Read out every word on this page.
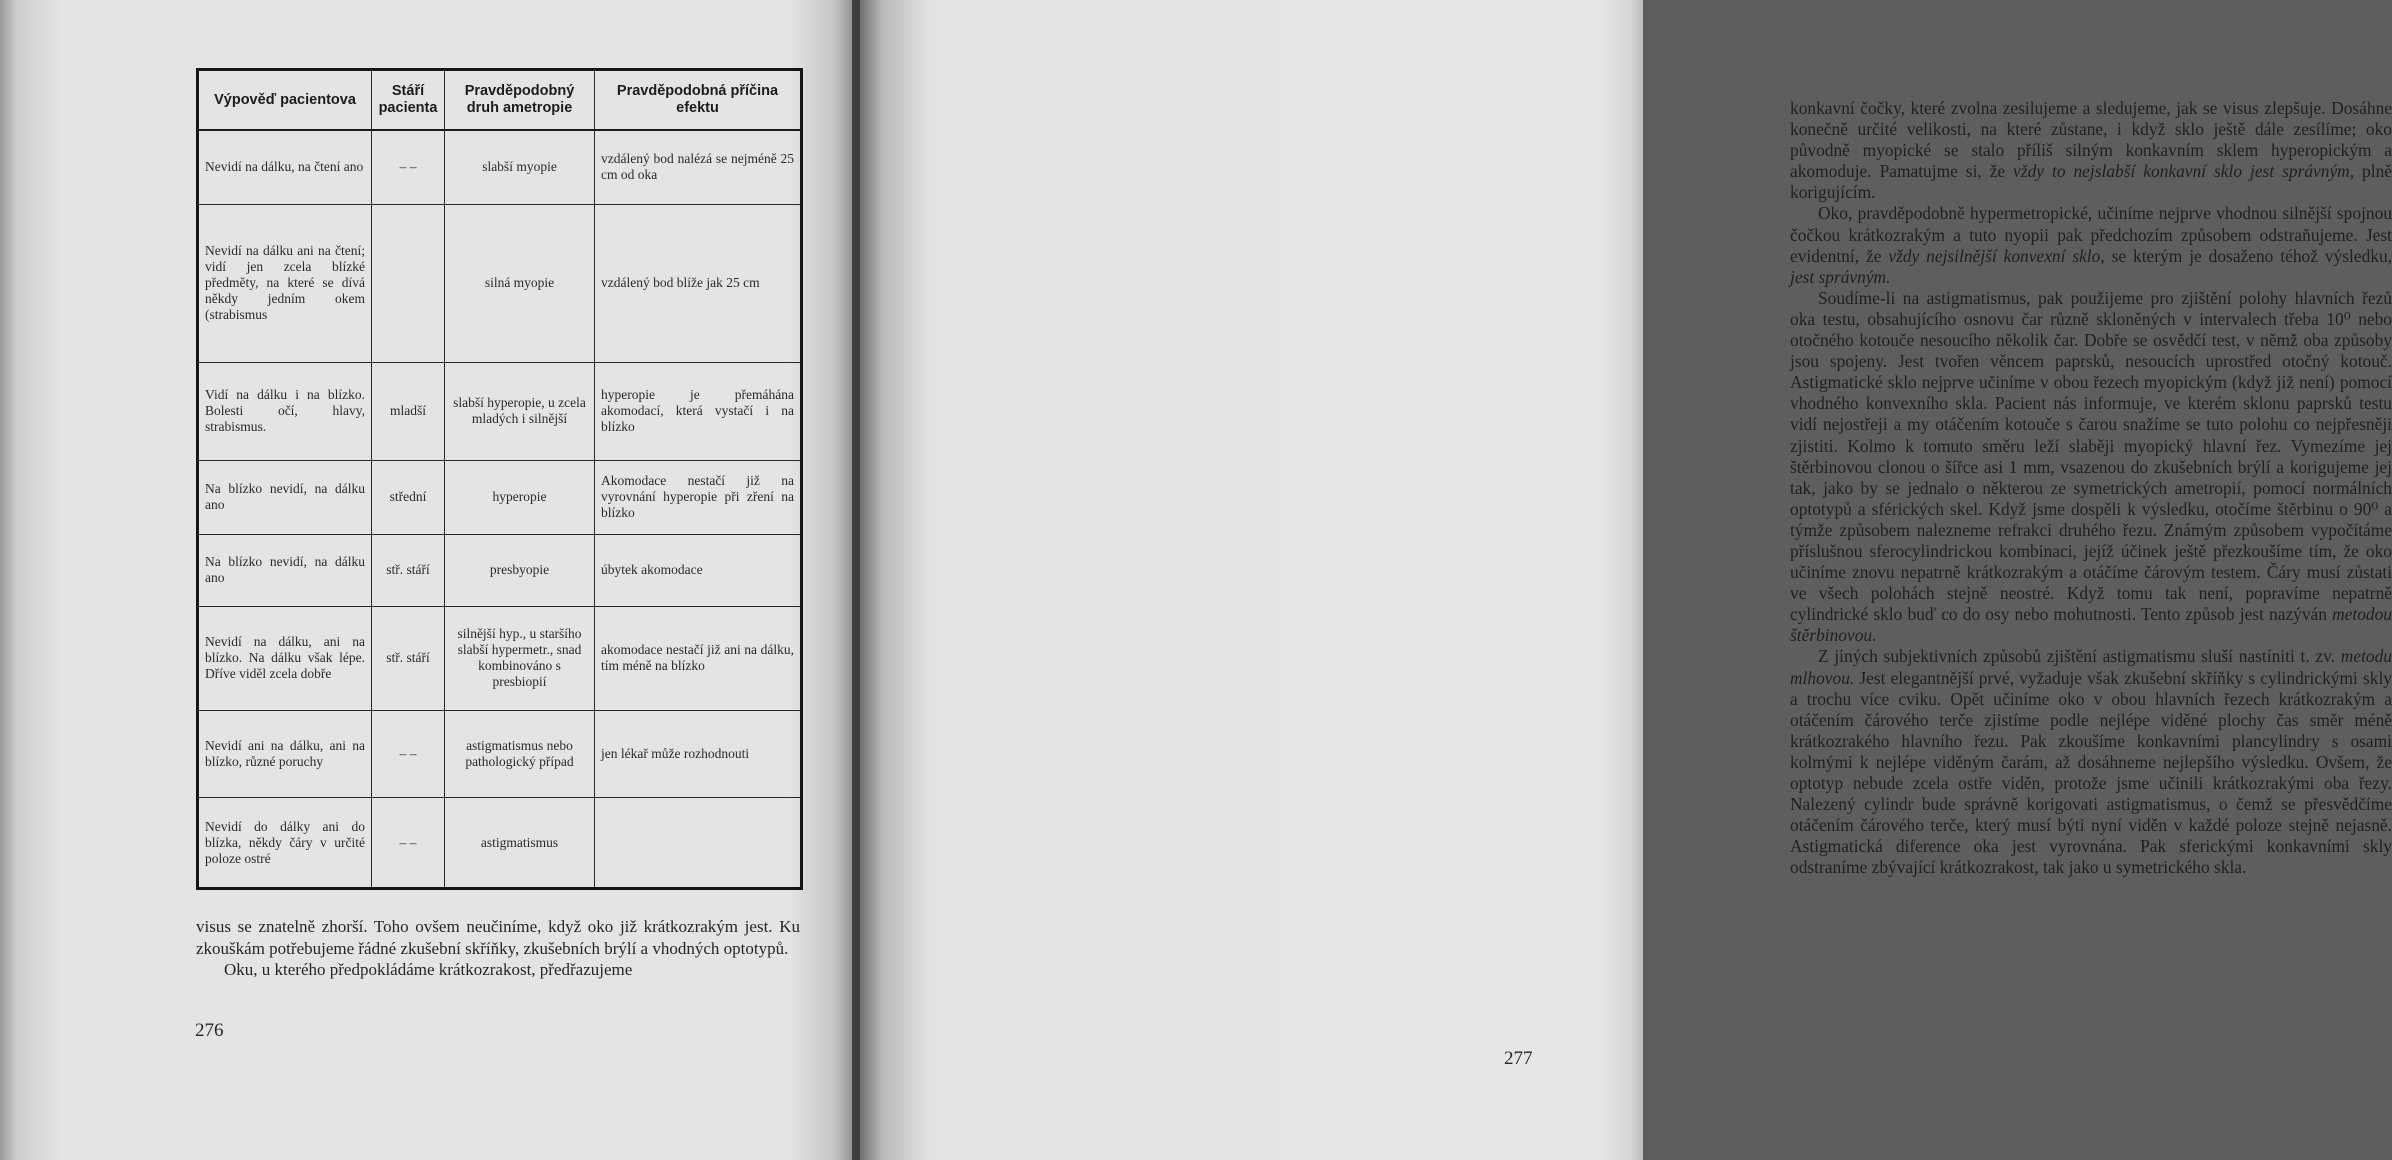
Výpověď pacientova	Stáří pacienta	Pravděpodobný druh ametropie	Pravděpodobná příčina efektu
Nevidí na dálku, na čtení ano	– –	slabší myopie	vzdálený bod nalézá se nejméně 25 cm od oka
Nevidí na dálku ani na čtení; vidí jen zcela blízké předměty, na které se dívá někdy jedním okem (strabismus		silná myopie	vzdálený bod blíže jak 25 cm
Vidí na dálku i na blízko. Bolesti očí, hlavy, strabismus.	mladší	slabší hyperopie, u zcela mladých i silnější	hyperopie je přemáhána akomodací, která vystačí i na blízko
Na blízko nevidí, na dálku ano	střední	hyperopie	Akomodace nestačí již na vyrovnání hyperopie při zření na blízko
Na blízko nevidí, na dálku ano	stř. stáří	presbyopie	úbytek akomodace
Nevidí na dálku, ani na blízko. Na dálku však lépe. Dříve viděl zcela dobře	stř. stáří	silnější hyp., u staršího slabší hypermetr., snad kombinováno s presbiopií	akomodace nestačí již ani na dálku, tím méně na blízko
Nevidí ani na dálku, ani na blízko, různé poruchy	– –	astigmatismus nebo pathologický případ	jen lékař může rozhodnouti
Nevidí do dálky ani do blízka, někdy čáry v určité poloze ostré	– –	astigmatismus	

visus se znatelně zhorší. Toho ovšem neučiníme, když oko již krátkozrakým jest. Ku zkouškám potřebujeme řádné zkušební skříňky, zkušebních brýlí a vhodných optotypů.

Oku, u kterého předpokládáme krátkozrakost, předřazujeme

276

konkavní čočky, které zvolna zesilujeme a sledujeme, jak se visus zlepšuje. Dosáhne konečně určité velikosti, na které zůstane, i když sklo ještě dále zesílíme; oko původně myopické se stalo příliš silným konkavním sklem hyperopickým a akomoduje. Pamatujme si, že vždy to nejslabší konkavní sklo jest správným, plně korigujícím.

Oko, pravděpodobně hypermetropické, učiníme nejprve vhodnou silnější spojnou čočkou krátkozrakým a tuto nyopii pak předchozím způsobem odstraňujeme. Jest evidentní, že vždy nejsilnější konvexní sklo, se kterým je dosaženo téhož výsledku, jest správným.

Soudíme-li na astigmatismus, pak použijeme pro zjištění polohy hlavních řezů oka testu, obsahujícího osnovu čar různě skloněných v intervalech třeba 10⁰ nebo otočného kotouče nesoucího několik čar. Dobře se osvědčí test, v němž oba způsoby jsou spojeny. Jest tvořen věncem paprsků, nesoucích uprostřed otočný kotouč. Astigmatické sklo nejprve učiníme v obou řezech myopickým (když již není) pomocí vhodného konvexního skla. Pacient nás informuje, ve kterém sklonu paprsků testu vidí nejostřeji a my otáčením kotouče s čarou snažíme se tuto polohu co nejpřesněji zjistiti. Kolmo k tomuto směru leží slaběji myopický hlavní řez. Vymezíme jej štěrbinovou clonou o šířce asi 1 mm, vsazenou do zkušebních brýlí a korigujeme jej tak, jako by se jednalo o některou ze symetrických ametropií, pomocí normálních optotypů a sférických skel. Když jsme dospěli k výsledku, otočíme štěrbinu o 90⁰ a týmže způsobem nalezneme refrakci druhého řezu. Známým způsobem vypočítáme příslušnou sferocylindrickou kombinaci, jejíž účinek ještě přezkoušíme tím, že oko učiníme znovu nepatrně krátkozrakým a otáčíme čárovým testem. Čáry musí zůstati ve všech polohách stejně neostré. Když tomu tak není, popravíme nepatrně cylindrické sklo buď co do osy nebo mohutnosti. Tento způsob jest nazýván metodou štěrbinovou.

Z jiných subjektivních způsobů zjištění astigmatismu sluší nastíniti t. zv. metodu mlhovou. Jest elegantnější prvé, vyžaduje však zkušební skříňky s cylindrickými skly a trochu více cviku. Opět učiníme oko v obou hlavních řezech krátkozrakým a otáčením čárového terče zjistíme podle nejlépe viděné plochy čas směr méně krátkozrakého hlavního řezu. Pak zkoušíme konkavními plancylindry s osami kolmými k nejlépe viděným čarám, až dosáhneme nejlepšího výsledku. Ovšem, že optotyp nebude zcela ostře viděn, protože jsme učinili krátkozrakými oba řezy. Nalezený cylindr bude správně korigovati astigmatismus, o čemž se přesvědčíme otáčením čárového terče, který musí býti nyní viděn v každé poloze stejně nejasně. Astigmatická diference oka jest vyrovnána. Pak sferickými konkavními skly odstraníme zbývající krátkozrakost, tak jako u symetrického skla.

277
